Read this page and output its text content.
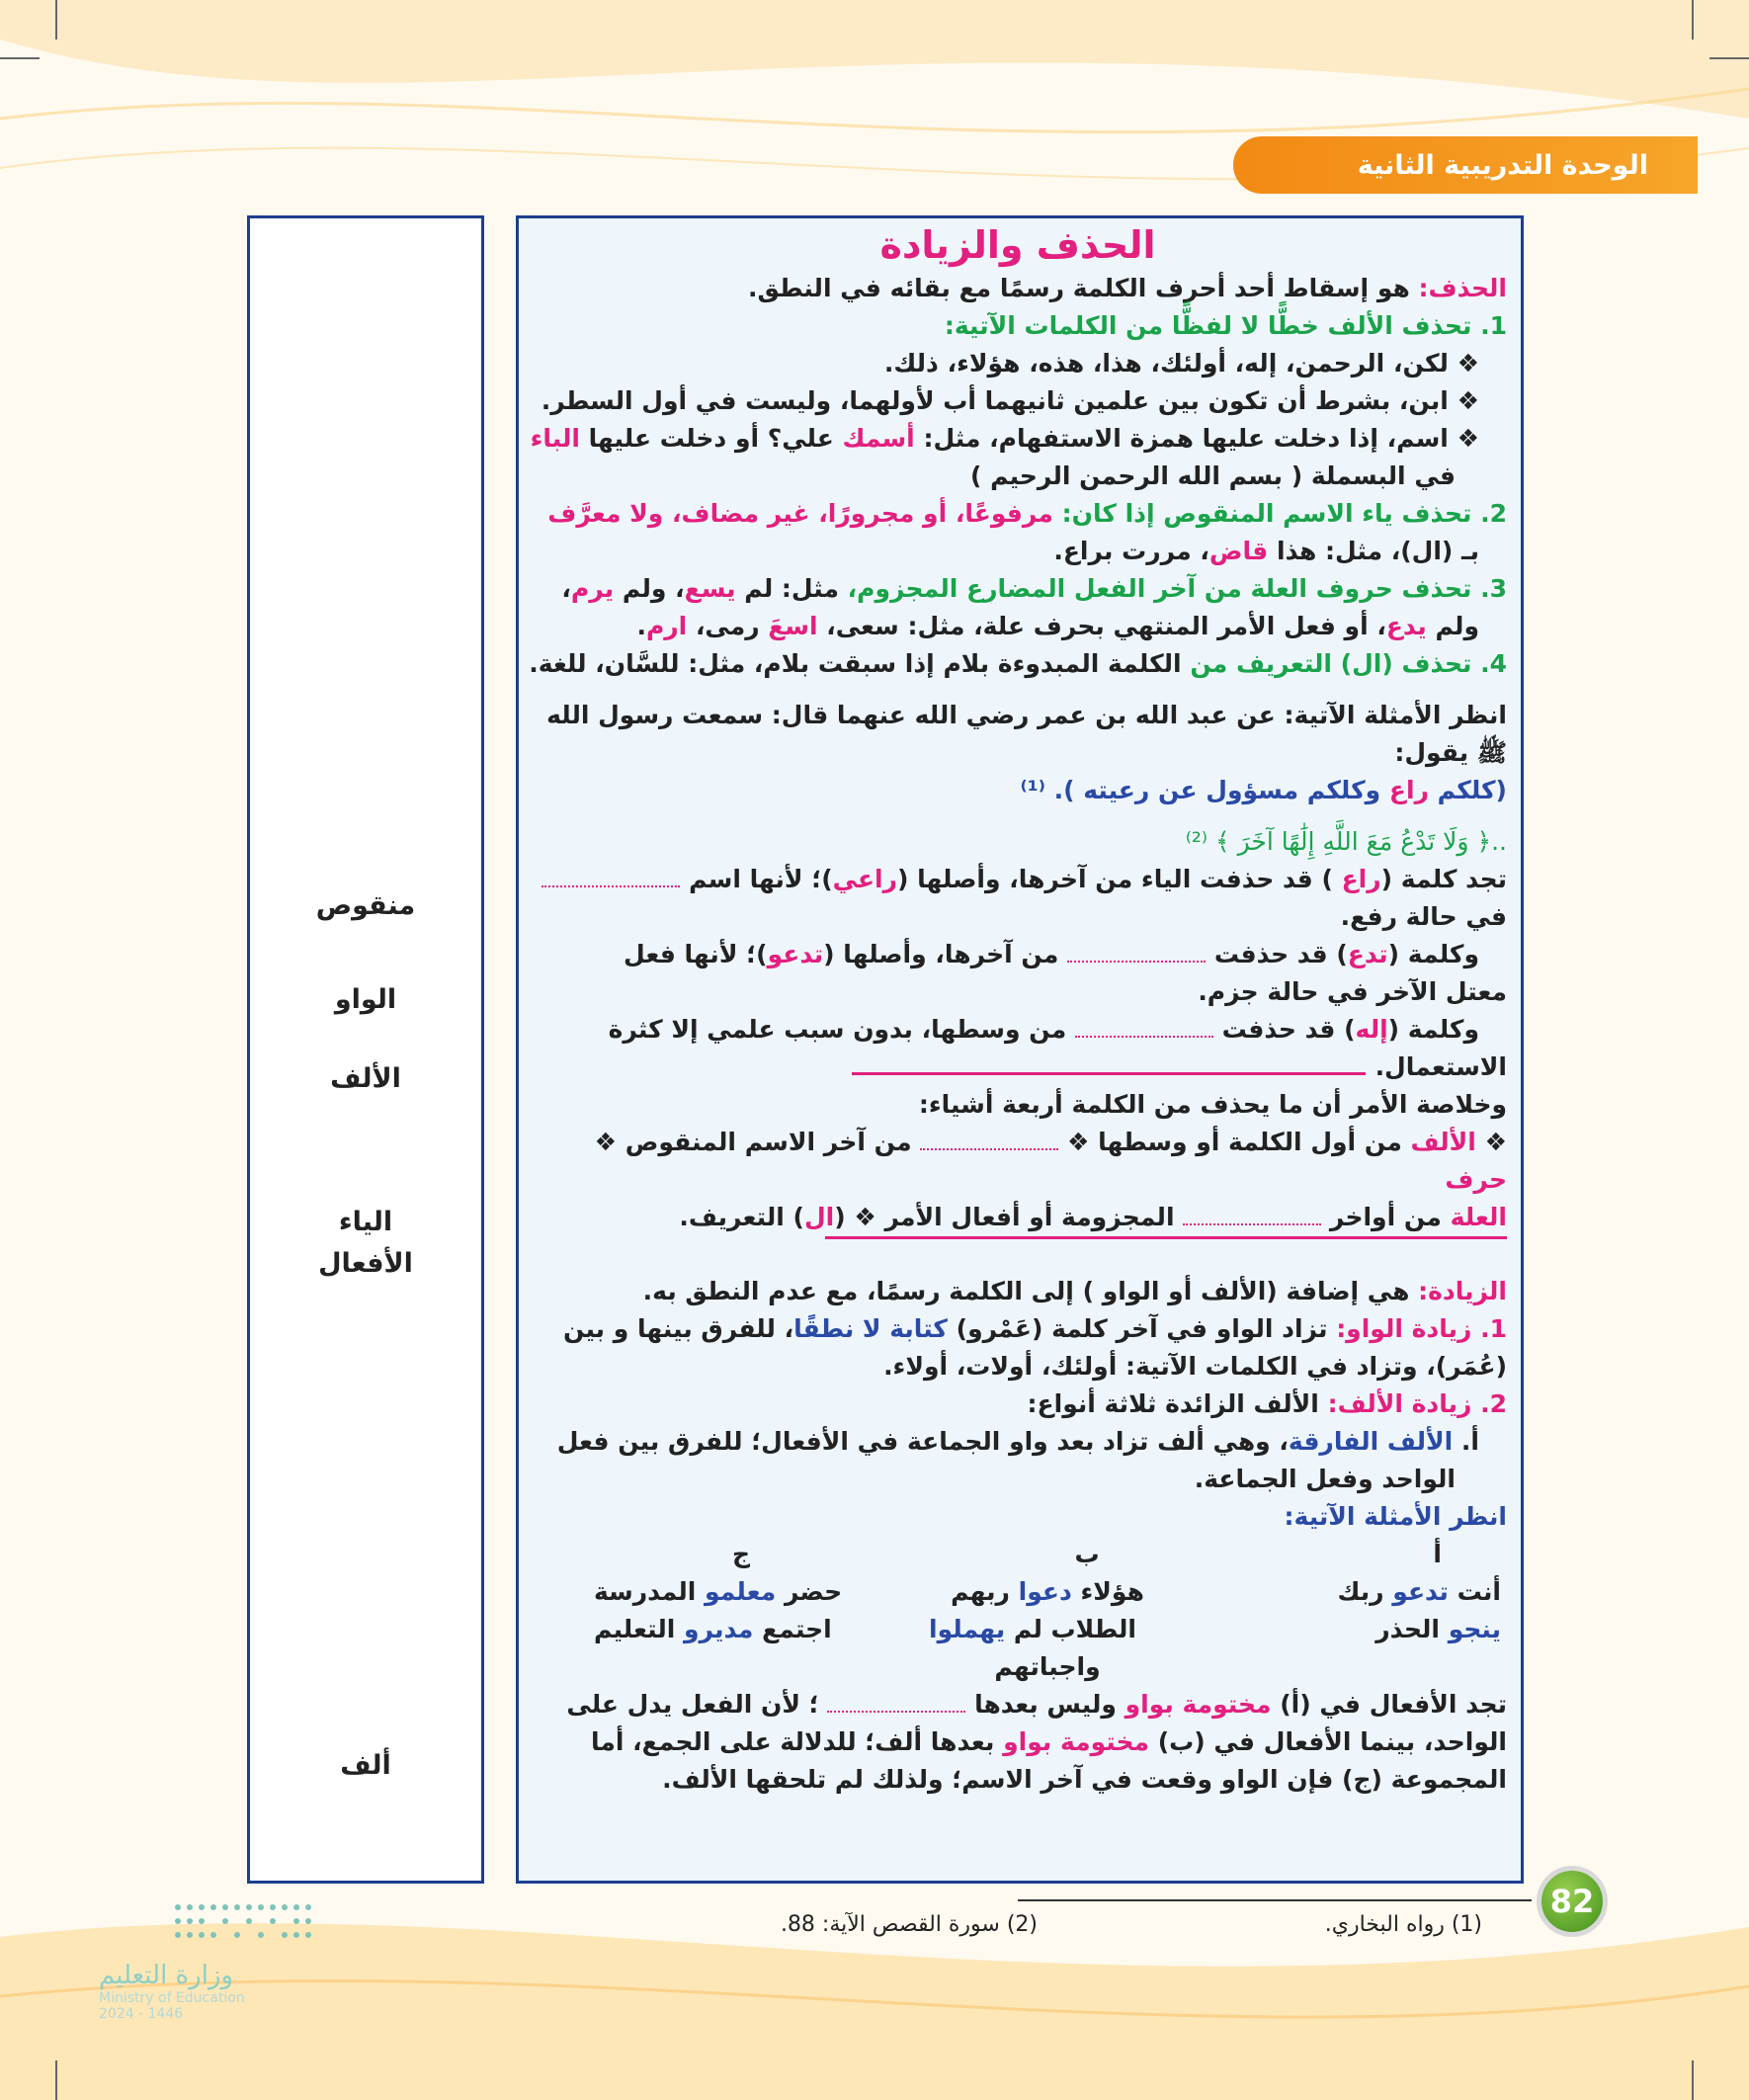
الوحدة التدريبية الثانية
منقوص
الواو
الألف
الياء
الأفعال
ألف
الحذف والزيادة

الحذف: هو إسقاط أحد أحرف الكلمة رسمًا مع بقائه في النطق.

1. تحذف الألف خطًّا لا لفظًّا من الكلمات الآتية:

❖ لكن، الرحمن، إله، أولئك، هذا، هذه، هؤلاء، ذلك.

❖ ابن، بشرط أن تكون بين علمين ثانيهما أب لأولهما، وليست في أول السطر.

❖ اسم، إذا دخلت عليها همزة الاستفهام، مثل: أسمك علي؟ أو دخلت عليها الباء

في البسملة ( بسم الله الرحمن الرحيم )

2. تحذف ياء الاسم المنقوص إذا كان: مرفوعًا، أو مجرورًا، غير مضاف، ولا معرَّف

بـ (ال)، مثل: هذا قاض، مررت براع.

3. تحذف حروف العلة من آخر الفعل المضارع المجزوم، مثل: لم يسع، ولم يرم،

ولم يدع، أو فعل الأمر المنتهي بحرف علة، مثل: سعى، اسعَ رمى، ارم.

4. تحذف (ال) التعريف من الكلمة المبدوءة بلام إذا سبقت بلام، مثل: للسَّان، للغة.

انظر الأمثلة الآتية: عن عبد الله بن عمر رضي الله عنهما قال: سمعت رسول الله ﷺ يقول:

(كلكم راع وكلكم مسؤول عن رعيته ). ⁽¹⁾

..﴿ وَلَا تَدْعُ مَعَ اللَّهِ إِلَٰهًا آخَرَ ﴾ ⁽²⁾

تجد كلمة (راع ) قد حذفت الياء من آخرها، وأصلها (راعي)؛ لأنها اسم

في حالة رفع.

وكلمة (تدع) قد حذفت  من آخرها، وأصلها (تدعو)؛ لأنها فعل

معتل الآخر في حالة جزم.

وكلمة (إله) قد حذفت  من وسطها، بدون سبب علمي إلا كثرة

الاستعمال.

وخلاصة الأمر أن ما يحذف من الكلمة أربعة أشياء:

❖ الألف من أول الكلمة أو وسطها ❖  من آخر الاسم المنقوص ❖ حرف

العلة من أواخر  المجزومة أو أفعال الأمر ❖ (ال) التعريف.

الزيادة: هي إضافة (الألف أو الواو ) إلى الكلمة رسمًا، مع عدم النطق به.

1. زيادة الواو: تزاد الواو في آخر كلمة (عَمْرو) كتابة لا نطقًا، للفرق بينها و بين

(عُمَر)، وتزاد في الكلمات الآتية: أولئك، أولات، أولاء.

2. زيادة الألف: الألف الزائدة ثلاثة أنواع:

أ. الألف الفارقة، وهي ألف تزاد بعد واو الجماعة في الأفعال؛ للفرق بين فعل

الواحد وفعل الجماعة.

انظر الأمثلة الآتية:

أ
ب
ج
أنت تدعو ربك
هؤلاء دعوا ربهم
حضر معلمو المدرسة
ينجو الحذر
الطلاب لم يهملوا واجباتهم
اجتمع مديرو التعليم

تجد الأفعال في (أ) مختومة بواو وليس بعدها  ؛ لأن الفعل يدل على

الواحد، بينما الأفعال في (ب) مختومة بواو بعدها ألف؛ للدلالة على الجمع، أما

المجموعة (ج) فإن الواو وقعت في آخر الاسم؛ ولذلك لم تلحقها الألف.

(1) رواه البخاري.
(2) سورة القصص الآية: 88.
82
وزارة التعليم
Ministry of Education
2024 - 1446
